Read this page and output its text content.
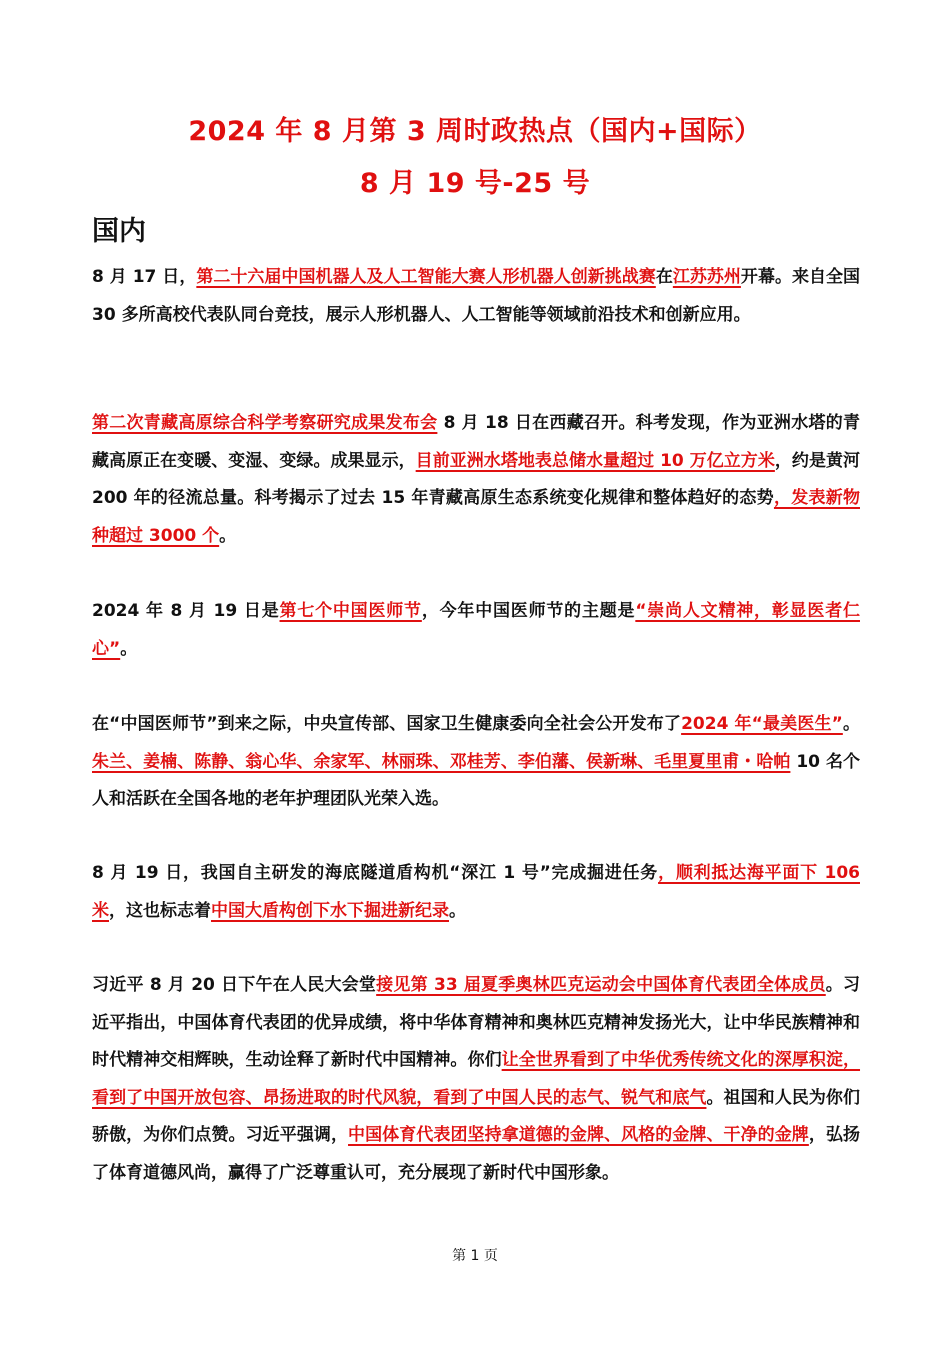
2024 年 8 月第 3 周时政热点（国内+国际）
8 月 19 号-25 号
国内
8 月 17 日，第二十六届中国机器人及人工智能大赛人形机器人创新挑战赛在江苏苏州开幕。来自全国 30 多所高校代表队同台竞技，展示人形机器人、人工智能等领域前沿技术和创新应用。
第二次青藏高原综合科学考察研究成果发布会 8 月 18 日在西藏召开。科考发现，作为亚洲水塔的青藏高原正在变暖、变湿、变绿。成果显示，目前亚洲水塔地表总储水量超过 10 万亿立方米，约是黄河 200 年的径流总量。科考揭示了过去 15 年青藏高原生态系统变化规律和整体趋好的态势，发表新物种超过 3000 个。
2024 年 8 月 19 日是第七个中国医师节，今年中国医师节的主题是“崇尚人文精神，彰显医者仁心”。
在“中国医师节”到来之际，中央宣传部、国家卫生健康委向全社会公开发布了2024 年“最美医生”。朱兰、姜楠、陈静、翁心华、余家军、林丽珠、邓桂芳、李伯藩、侯新琳、毛里夏里甫・哈帕 10 名个人和活跃在全国各地的老年护理团队光荣入选。
8 月 19 日，我国自主研发的海底隧道盾构机“深江 1 号”完成掘进任务，顺利抵达海平面下 106 米，这也标志着中国大盾构创下水下掘进新纪录。
习近平 8 月 20 日下午在人民大会堂接见第 33 届夏季奥林匹克运动会中国体育代表团全体成员。习近平指出，中国体育代表团的优异成绩，将中华体育精神和奥林匹克精神发扬光大，让中华民族精神和时代精神交相辉映，生动诠释了新时代中国精神。你们让全世界看到了中华优秀传统文化的深厚积淀，看到了中国开放包容、昂扬进取的时代风貌，看到了中国人民的志气、锐气和底气。祖国和人民为你们骄傲，为你们点赞。习近平强调，中国体育代表团坚持拿道德的金牌、风格的金牌、干净的金牌，弘扬了体育道德风尚，赢得了广泛尊重认可，充分展现了新时代中国形象。
第 1 页
